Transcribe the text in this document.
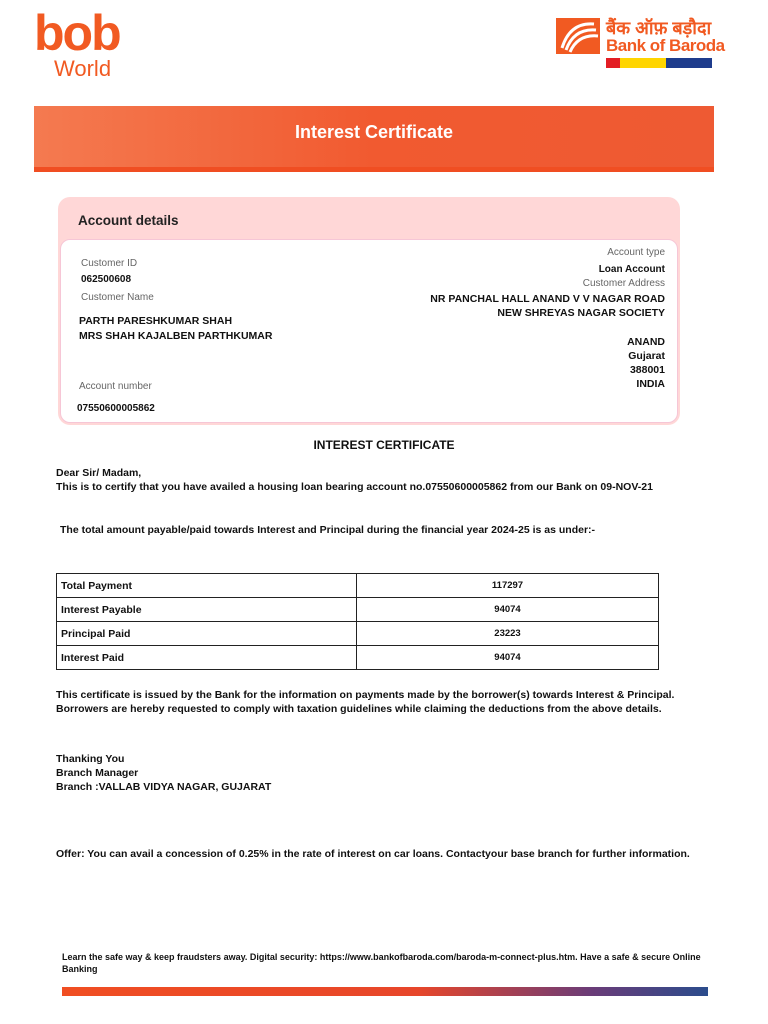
bob
World
बैंक ऑफ़ बड़ौदा
Bank of Baroda
Interest Certificate
Account details
Customer ID
062500608
Customer Name
PARTH PARESHKUMAR SHAH
MRS SHAH KAJALBEN PARTHKUMAR
Account number
07550600005862
Account type
Loan Account
Customer Address
NR PANCHAL HALL ANAND V V NAGAR ROAD
NEW SHREYAS NAGAR SOCIETY
ANAND
Gujarat
388001
INDIA
INTEREST CERTIFICATE
Dear Sir/ Madam,
This is to certify that you have availed a housing loan bearing account no.07550600005862 from our Bank on 09-NOV-21
The total amount payable/paid towards Interest and Principal during the financial year 2024-25 is as under:-
Total Payment	117297
Interest Payable	94074
Principal Paid	23223
Interest Paid	94074
This certificate is issued by the Bank for the information on payments made by the borrower(s) towards Interest & Principal.
Borrowers are hereby requested to comply with taxation guidelines while claiming the deductions from the above details.
Thanking You
Branch Manager
Branch :VALLAB VIDYA NAGAR, GUJARAT
Offer: You can avail a concession of 0.25% in the rate of interest on car loans. Contactyour base branch for further information.
Learn the safe way & keep fraudsters away. Digital security: https://www.bankofbaroda.com/baroda-m-connect-plus.htm. Have a safe & secure Online Banking
